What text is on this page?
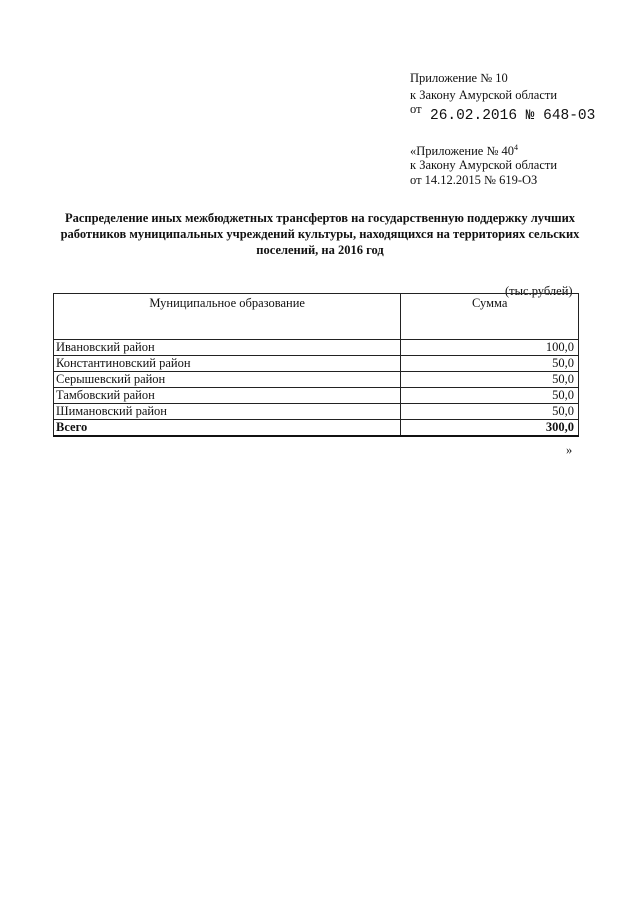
Приложение № 10
к Закону Амурской области
от 26.02.2016 № 648-03
«Приложение № $40^4$
к Закону Амурской области
от 14.12.2015 № 619-ОЗ
Распределение иных межбюджетных трансфертов на государственную поддержку лучших работников муниципальных учреждений культуры, находящихся на территориях сельских поселений, на 2016 год
(тыс.рублей)
Муниципальное образование	Сумма
Ивановский район	100,0
Константиновский район	50,0
Серышевский район	50,0
Тамбовский район	50,0
Шимановский район	50,0
Всего	300,0
»
